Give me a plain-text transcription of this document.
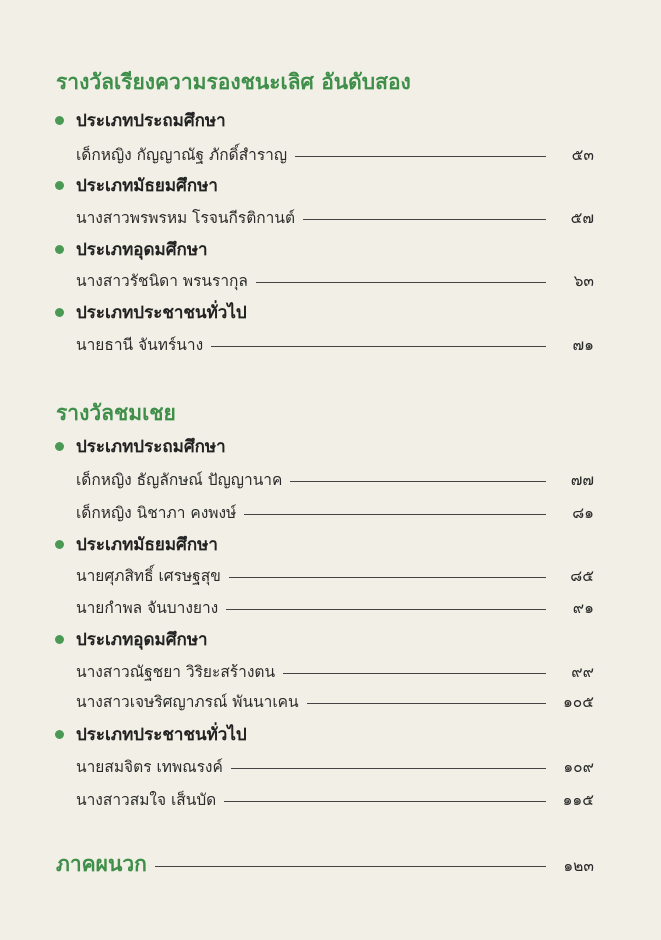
รางวัลเรียงความรองชนะเลิศ อันดับสอง
ประเภทประถมศึกษา
เด็กหญิง กัญญาณัฐ ภักดิ์สำราญ	๕๓
ประเภทมัธยมศึกษา
นางสาวพรพรหม โรจนกีรติกานต์	๕๗
ประเภทอุดมศึกษา
นางสาวรัชนิดา พรนรากุล	๖๓
ประเภทประชาชนทั่วไป
นายธานี จันทร์นาง	๗๑
รางวัลชมเชย
ประเภทประถมศึกษา
เด็กหญิง ธัญลักษณ์ ปัญญานาค	๗๗
เด็กหญิง นิชาภา คงพงษ์	๘๑
ประเภทมัธยมศึกษา
นายศุภสิทธิ์ เศรษฐสุข	๘๕
นายกำพล จันบางยาง	๙๑
ประเภทอุดมศึกษา
นางสาวณัฐชยา วิริยะสร้างตน	๙๙
นางสาวเจษริศญาภรณ์ พันนาเคน	๑๐๕
ประเภทประชาชนทั่วไป
นายสมจิตร เทพณรงค์	๑๐๙
นางสาวสมใจ เส็นบัด	๑๑๕
ภาคผนวก	๑๒๓
